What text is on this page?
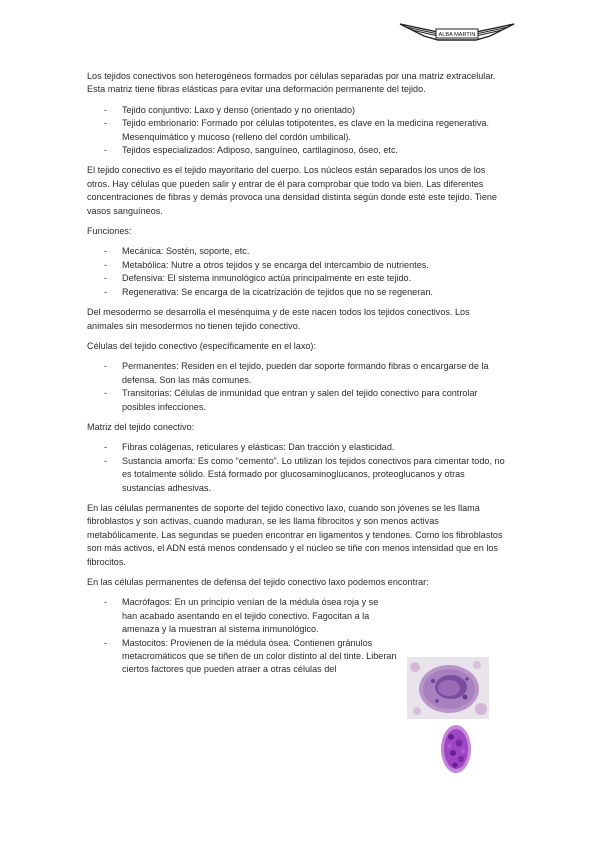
ALBA MARTIN

Los tejidos conectivos son heterogéneos formados por células separadas por una matriz extracelular. Esta matriz tiene fibras elásticas para evitar una deformación permanente del tejido.

- Tejido conjuntivo: Laxo y denso (orientado y no orientado)
- Tejido embrionario: Formado por células totipotentes, es clave en la medicina regenerativa. Mesenquimático y mucoso (relleno del cordón umbilical).
- Tejidos especializados: Adiposo, sanguíneo, cartilaginoso, óseo, etc.

El tejido conectivo es el tejido mayoritario del cuerpo. Los núcleos están separados los unos de los otros. Hay células que pueden salir y entrar de él para comprobar que todo va bien. Las diferentes concentraciones de fibras y demás provoca una densidad distinta según donde esté este tejido. Tiene vasos sanguíneos.

Funciones:

- Mecánica: Sostén, soporte, etc.
- Metabólica: Nutre a otros tejidos y se encarga del intercambio de nutrientes.
- Defensiva: El sistema inmunológico actúa principalmente en este tejido.
- Regenerativa: Se encarga de la cicatrización de tejidos que no se regeneran.

Del mesodermo se desarrolla el mesénquima y de este nacen todos los tejidos conectivos. Los animales sin mesodermos no tienen tejido conectivo.

Células del tejido conectivo (específicamente en el laxo):

- Permanentes: Residen en el tejido, pueden dar soporte formando fibras o encargarse de la defensa. Son las más comunes.
- Transitorias: Células de inmunidad que entran y salen del tejido conectivo para controlar posibles infecciones.

Matriz del tejido conectivo:

- Fibras colágenas, reticulares y elásticas: Dan tracción y elasticidad.
- Sustancia amorfa: Es como “cemento”. Lo utilizan los tejidos conectivos para cimentar todo, no es totalmente sólido. Está formado por glucosaminoglucanos, proteoglucanos y otras sustancias adhesivas.

En las células permanentes de soporte del tejido conectivo laxo, cuando son jóvenes se les llama fibroblastos y son activas, cuando maduran, se les llama fibrocitos y son menos activas metabólicamente. Las segundas se pueden encontrar en ligamentos y tendones. Como los fibroblastos son más activos, el ADN está menos condensado y el núcleo se tiñe con menos intensidad que en los fibrocitos.

En las células permanentes de defensa del tejido conectivo laxo podemos encontrar:

- Macrófagos: En un principio venían de la médula ósea roja y se han acabado asentando en el tejido conectivo. Fagocitan a la amenaza y la muestran al sistema inmunológico.
- Mastocitos: Provienen de la médula ósea. Contienen gránulos metacromáticos que se tiñen de un color distinto al del tinte. Liberan ciertos factores que pueden atraer a otras células del
